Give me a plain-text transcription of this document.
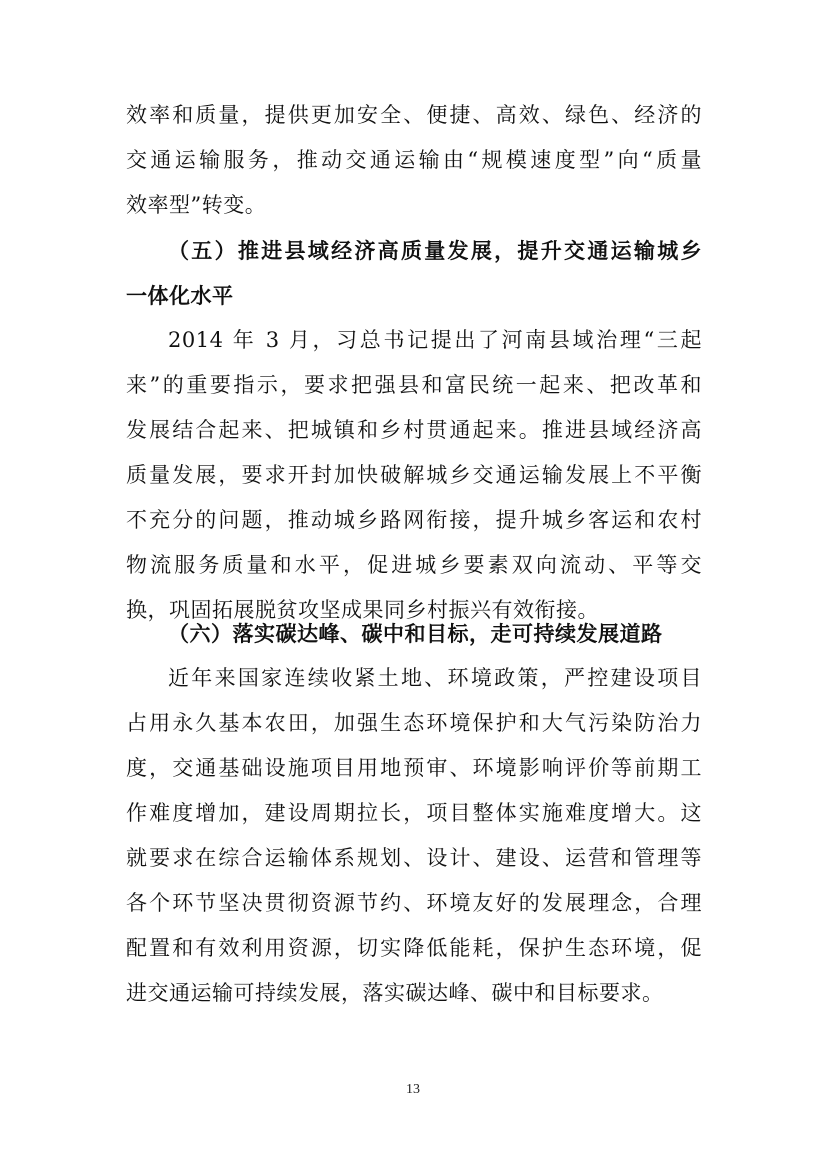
效率和质量，提供更加安全、便捷、高效、绿色、经济的
交通运输服务，推动交通运输由“规模速度型”向“质量
效率型”转变。
（五）推进县域经济高质量发展，提升交通运输城乡
一体化水平
2014 年 3 月，习总书记提出了河南县域治理“三起
来”的重要指示，要求把强县和富民统一起来、把改革和
发展结合起来、把城镇和乡村贯通起来。推进县域经济高
质量发展，要求开封加快破解城乡交通运输发展上不平衡
不充分的问题，推动城乡路网衔接，提升城乡客运和农村
物流服务质量和水平，促进城乡要素双向流动、平等交
换，巩固拓展脱贫攻坚成果同乡村振兴有效衔接。
（六）落实碳达峰、碳中和目标，走可持续发展道路
近年来国家连续收紧土地、环境政策，严控建设项目
占用永久基本农田，加强生态环境保护和大气污染防治力
度，交通基础设施项目用地预审、环境影响评价等前期工
作难度增加，建设周期拉长，项目整体实施难度增大。这
就要求在综合运输体系规划、设计、建设、运营和管理等
各个环节坚决贯彻资源节约、环境友好的发展理念，合理
配置和有效利用资源，切实降低能耗，保护生态环境，促
进交通运输可持续发展，落实碳达峰、碳中和目标要求。
13
